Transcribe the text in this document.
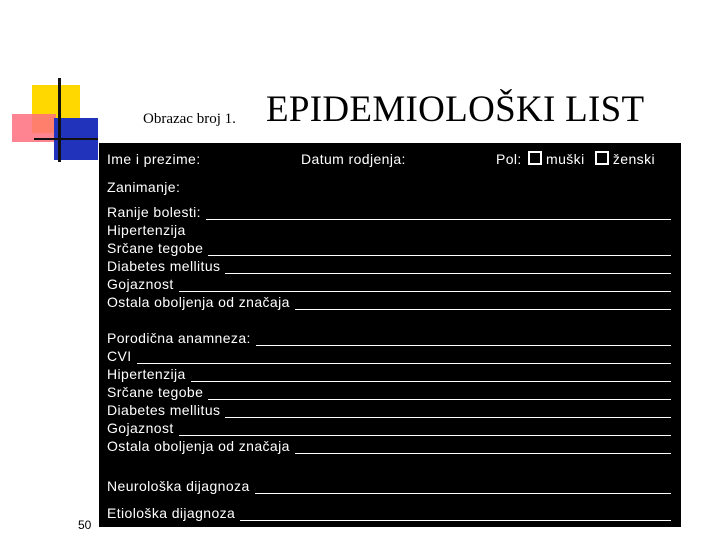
Obrazac broj 1. EPIDEMIOLOŠKI LIST
Ime i prezime:	Datum rodjenja:	Pol: muški ženski
Zanimanje:
Ranije bolesti:
Hipertenzija
Srčane tegobe
Diabetes mellitus
Gojaznost
Ostala oboljenja od značaja
Porodična anamneza:
CVI
Hipertenzija
Srčane tegobe
Diabetes mellitus
Gojaznost
Ostala oboljenja od značaja
Neurološka dijagnoza
Etiološka dijagnoza
50
